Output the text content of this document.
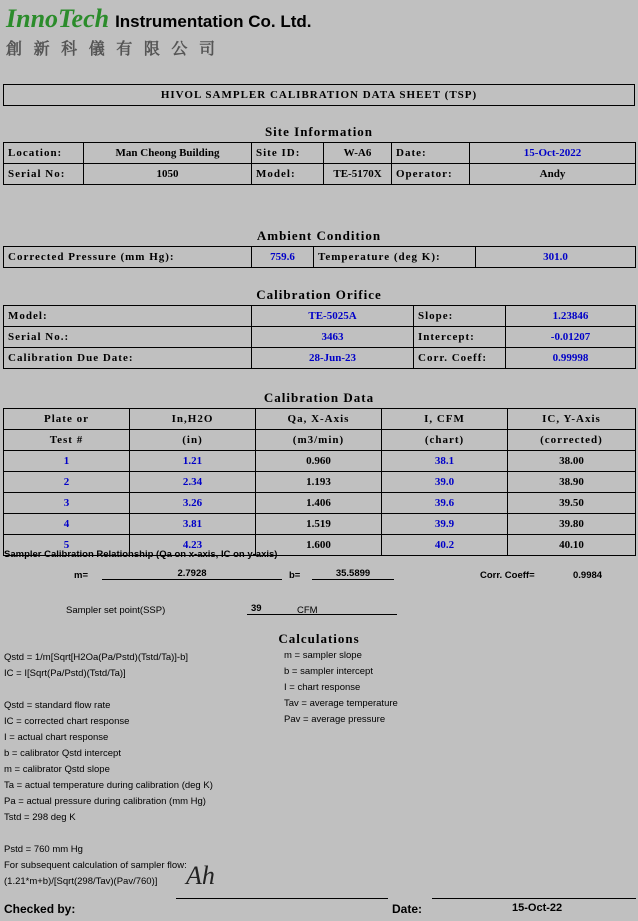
InnoTech Instrumentation Co. Ltd.
創 新 科 儀 有 限 公 司
HIVOL SAMPLER CALIBRATION DATA SHEET (TSP)
Site Information
Location:	Man Cheong Building	Site ID:	W-A6	Date:	15-Oct-2022
Serial No:	1050	Model:	TE-5170X	Operator:	Andy
Ambient Condition
Corrected Pressure (mm Hg):	759.6	Temperature (deg K):	301.0
Calibration Orifice
Model:	TE-5025A	Slope:	1.23846
Serial No.:	3463	Intercept:	-0.01207
Calibration Due Date:	28-Jun-23	Corr. Coeff:	0.99998
Calibration Data
Plate or	In,H2O	Qa, X-Axis	I, CFM	IC, Y-Axis
Test #	(in)	(m3/min)	(chart)	(corrected)
1	1.21	0.960	38.1	38.00
2	2.34	1.193	39.0	38.90
3	3.26	1.406	39.6	39.50
4	3.81	1.519	39.9	39.80
5	4.23	1.600	40.2	40.10
Sampler Calibration Relationship (Qa on x-axis, IC on y-axis)
m=	2.7928	b=	35.5899	Corr. Coeff=	0.9984
Sampler set point(SSP)	39	CFM
Calculations
Qstd = 1/m[Sqrt[H2Oa(Pa/Pstd)(Tstd/Ta)]-b]
IC = I[Sqrt(Pa/Pstd)(Tstd/Ta)]
Qstd = standard flow rate
IC = corrected chart response
I = actual chart response
b = calibrator Qstd intercept
m = calibrator Qstd slope
Ta = actual temperature during calibration (deg K)
Pa = actual pressure during calibration (mm Hg)
Tstd = 298 deg K
Pstd = 760 mm Hg
For subsequent calculation of sampler flow:
(1.21*m+b)/[Sqrt(298/Tav)(Pav/760)]
m = sampler slope
b = sampler intercept
I = chart response
Tav = average temperature
Pav = average pressure
Ah
Checked by:	Date:	15-Oct-22
